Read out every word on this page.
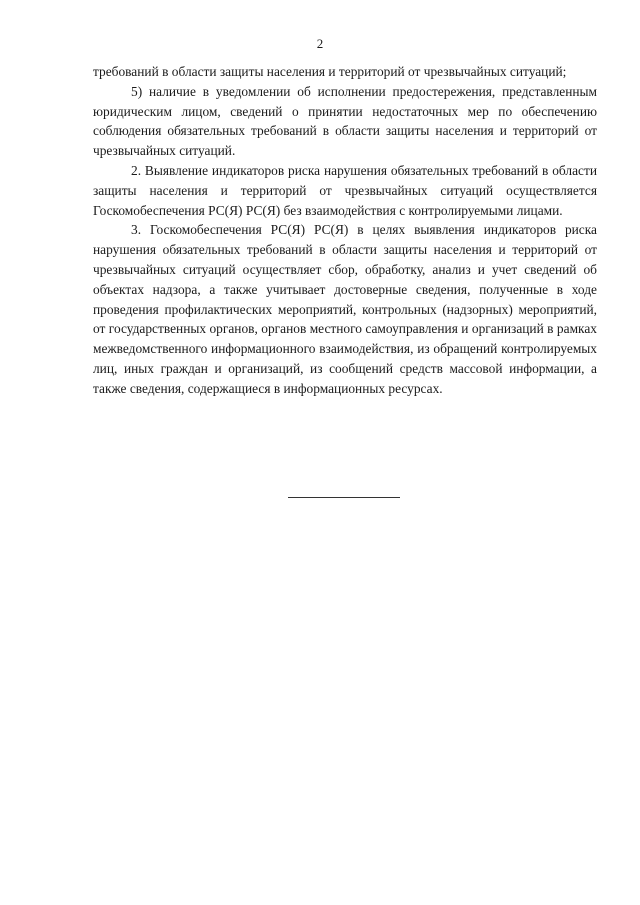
2

требований в области защиты населения и территорий от чрезвычайных ситуаций;

5) наличие в уведомлении об исполнении предостережения, представленным юридическим лицом, сведений о принятии недостаточных мер по обеспечению соблюдения обязательных требований в области защиты населения и территорий от чрезвычайных ситуаций.

2. Выявление индикаторов риска нарушения обязательных требований в области защиты населения и территорий от чрезвычайных ситуаций осуществляется Госкомобеспечения РС(Я) РС(Я) без взаимодействия с контролируемыми лицами.

3. Госкомобеспечения РС(Я) РС(Я) в целях выявления индикаторов риска нарушения обязательных требований в области защиты населения и территорий от чрезвычайных ситуаций осуществляет сбор, обработку, анализ и учет сведений об объектах надзора, а также учитывает достоверные сведения, полученные в ходе проведения профилактических мероприятий, контрольных (надзорных) мероприятий, от государственных органов, органов местного самоуправления и организаций в рамках межведомственного информационного взаимодействия, из обращений контролируемых лиц, иных граждан и организаций, из сообщений средств массовой информации, а также сведения, содержащиеся в информационных ресурсах.
